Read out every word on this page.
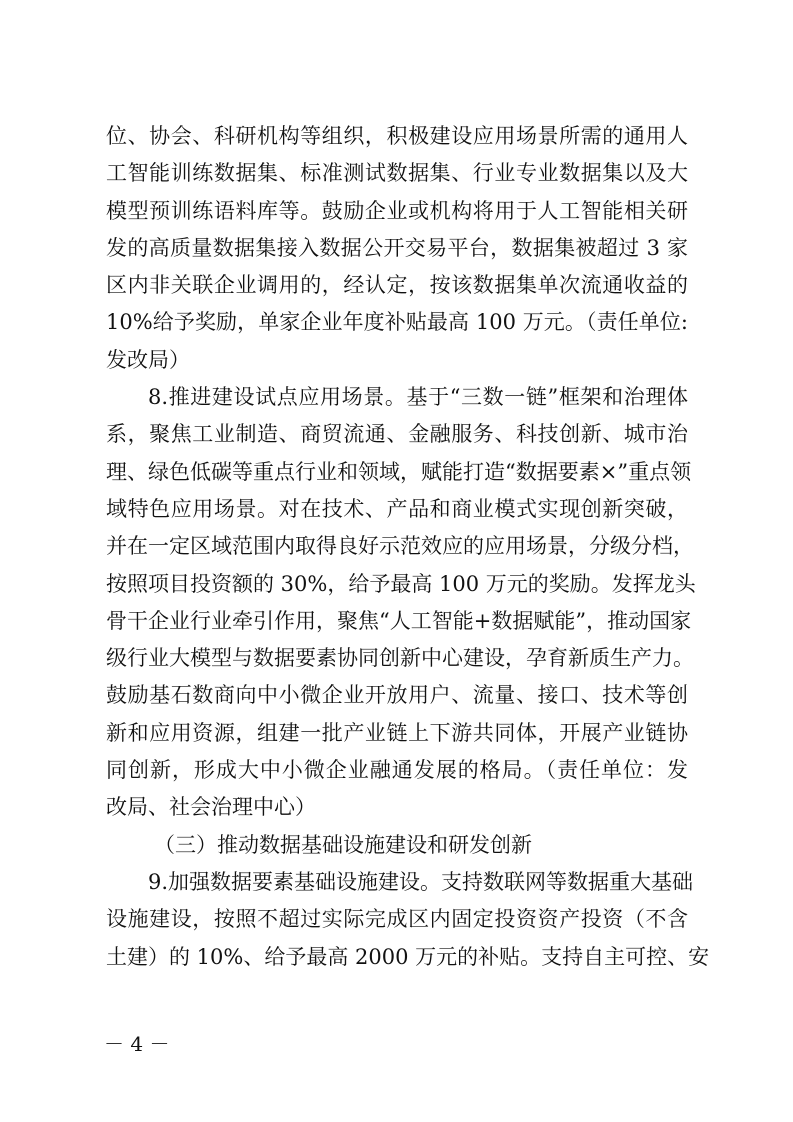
位、协会、科研机构等组织，积极建设应用场景所需的通用人
工智能训练数据集、标准测试数据集、行业专业数据集以及大
模型预训练语料库等。鼓励企业或机构将用于人工智能相关研
发的高质量数据集接入数据公开交易平台，数据集被超过 3 家
区内非关联企业调用的，经认定，按该数据集单次流通收益的
10%给予奖励，单家企业年度补贴最高 100 万元。（责任单位:
发改局）
8.推进建设试点应用场景。基于“三数一链”框架和治理体
系，聚焦工业制造、商贸流通、金融服务、科技创新、城市治
理、绿色低碳等重点行业和领域，赋能打造“数据要素×”重点领
域特色应用场景。对在技术、产品和商业模式实现创新突破，
并在一定区域范围内取得良好示范效应的应用场景，分级分档，
按照项目投资额的 30%，给予最高 100 万元的奖励。发挥龙头
骨干企业行业牵引作用，聚焦“人工智能+数据赋能”，推动国家
级行业大模型与数据要素协同创新中心建设，孕育新质生产力。
鼓励基石数商向中小微企业开放用户、流量、接口、技术等创
新和应用资源，组建一批产业链上下游共同体，开展产业链协
同创新，形成大中小微企业融通发展的格局。（责任单位：发
改局、社会治理中心）
（三）推动数据基础设施建设和研发创新
9.加强数据要素基础设施建设。支持数联网等数据重大基础
设施建设，按照不超过实际完成区内固定投资资产投资（不含
土建）的 10%、给予最高 2000 万元的补贴。支持自主可控、安
－ 4 －
